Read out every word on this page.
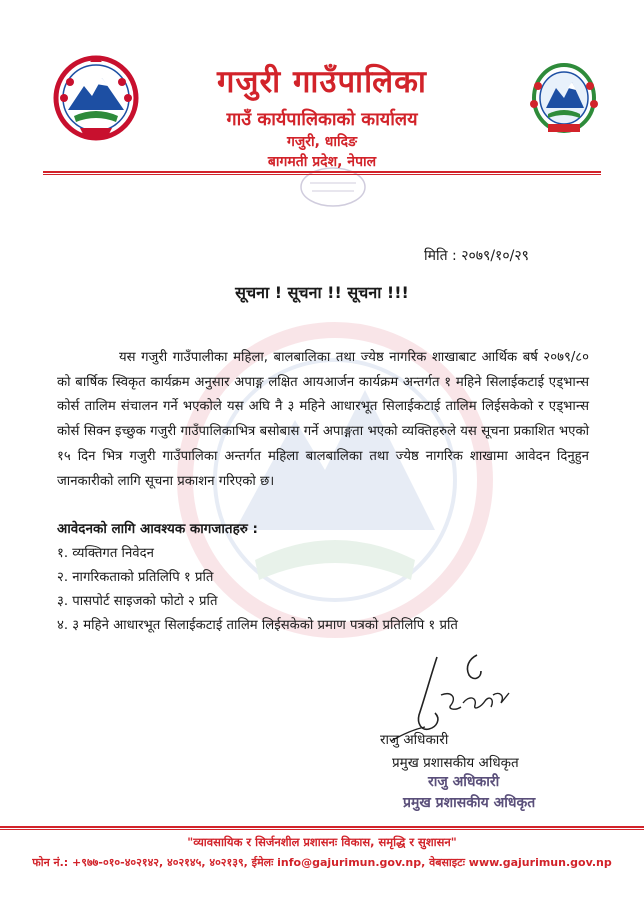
गजुरी गाउँपालिका
गाउँ कार्यपालिकाको कार्यालय
गजुरी, धादिङ
बागमती प्रदेश, नेपाल
मिति : २०७९/१०/२९
सूचना ! सूचना !! सूचना !!!

यस गजुरी गाउँपालीका महिला, बालबालिका तथा ज्येष्ठ नागरिक शाखाबाट आर्थिक बर्ष २०७९/८० को बार्षिक स्विकृत कार्यक्रम अनुसार अपाङ्ग लक्षित आयआर्जन कार्यक्रम अन्तर्गत १ महिने सिलाईकटाई एड्भान्स कोर्स तालिम संचालन गर्ने भएकोले यस अघि नै ३ महिने आधारभूत सिलाईकटाई तालिम लिईसकेको र एड्भान्स कोर्स सिक्न इच्छुक गजुरी गाउँपालिकाभित्र बसोबास गर्ने अपाङ्गता भएको व्यक्तिहरुले यस सूचना प्रकाशित भएको १५ दिन भित्र गजुरी गाउँपालिका अन्तर्गत महिला बालबालिका तथा ज्येष्ठ नागरिक शाखामा आवेदन दिनुहुन जानकारीको लागि सूचना प्रकाशन गरिएको छ।

आवेदनको लागि आवश्यक कागजातहरु :
१. व्यक्तिगत निवेदन
२. नागरिकताको प्रतिलिपि १ प्रति
३. पासपोर्ट साइजको फोटो २ प्रति
४. ३ महिने आधारभूत सिलाईकटाई तालिम लिईसकेको प्रमाण पत्रको प्रतिलिपि १ प्रति
राजु अधिकारी
प्रमुख प्रशासकीय अधिकृत
राजु अधिकारी
प्रमुख प्रशासकीय अधिकृत
"व्यावसायिक र सिर्जनशील प्रशासनः विकास, समृद्धि र सुशासन"
फोन नं.: +९७७-०१०-४०२१४२, ४०२१४५, ४०२१३९, ईमेलः info@gajurimun.gov.np, वेबसाइटः www.gajurimun.gov.np
